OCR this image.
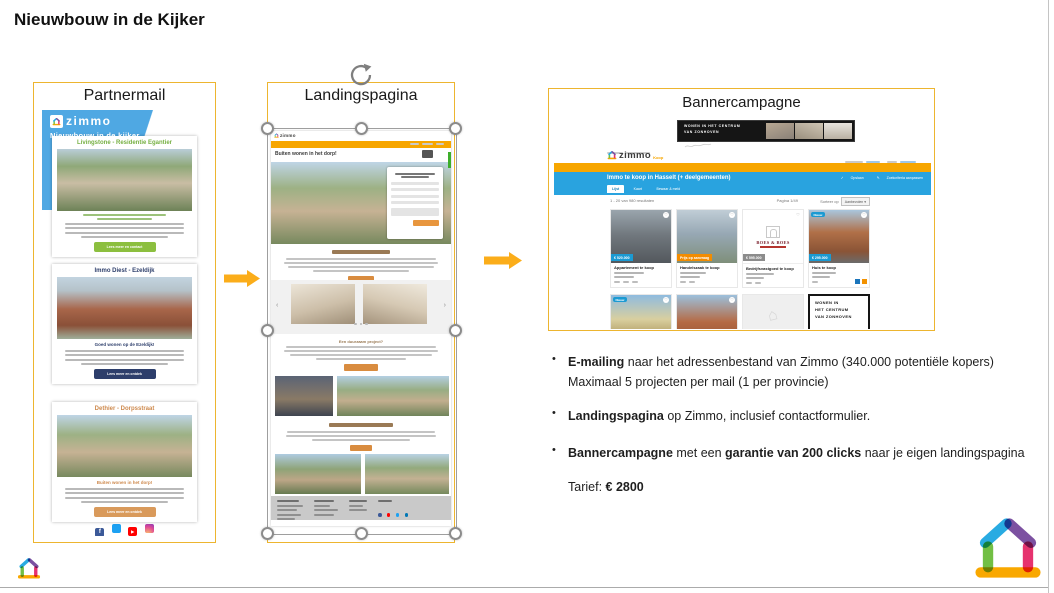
Nieuwbouw in de Kijker
Partnermail
zimmo
Nieuwbouw in de kijker
Livingstone - Residentie Egantier
Lees meer en contact
Immo Diest - Ezeldijk
Goed wonen op de Ezeldijk!
Lees meer en ontdek
Dethier - Dorpsstraat
Buiten wonen in het dorp!
Lees meer en ontdek
f	▶
Landingspagina
zimmo

Buiten wonen in het dorp!
‹	›
Een duurzaam project?

Bannercampagne
WONEN IN HET CENTRUM
VAN ZONHOVEN
zimmo Koop

Immo te koop in Hasselt (+ deelgemeenten)	✓ Opslaan	✎ Zoekcriteria aanpassen
Lijst	Kaart	Bewaar & meld
1 - 20 van 980 resultaten	Pagina 1/49	Sorteer op	Aanbevolen ▾
♡
€ 520.000
Appartement te koop
♡
Prijs op aanvraag
Handelszaak te koop
♡
BOES & BOES
€ 595.000
Bedrijfsvastgoed te koop
Nieuw	♡
€ 295.000
Huis te koop
Nieuw	♡	♡
⌂
WONEN IN
HET CENTRUM
VAN ZONHOVEN
• E-mailing naar het adressenbestand van Zimmo (340.000 potentiële kopers)
Maximaal 5 projecten per mail (1 per provincie)
• Landingspagina op Zimmo, inclusief contactformulier.
• Bannercampagne met een garantie van 200 clicks naar je eigen landingspagina
Tarief: € 2800
